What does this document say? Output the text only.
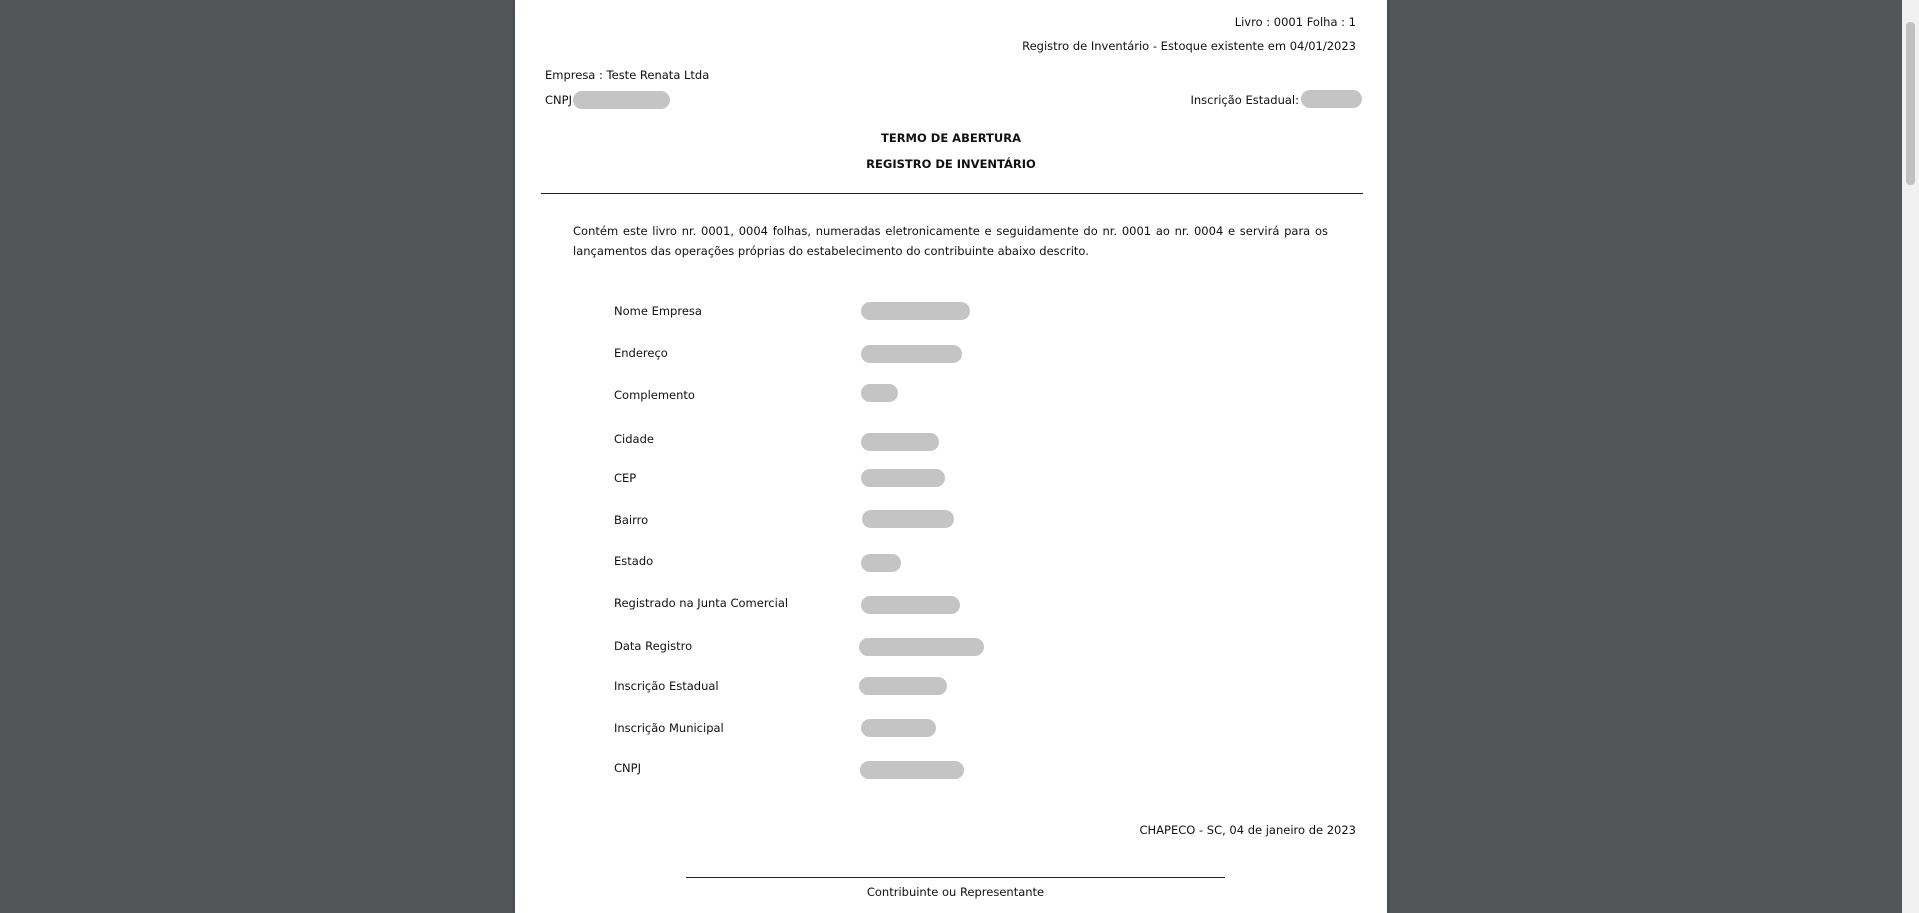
Livro : 0001 Folha : 1
Registro de Inventário - Estoque existente em 04/01/2023
Empresa : Teste Renata Ltda
CNPJ	Inscrição Estadual:
TERMO DE ABERTURA
REGISTRO DE INVENTÁRIO
Contém este livro nr. 0001, 0004 folhas, numeradas eletronicamente e seguidamente do nr. 0001 ao nr. 0004 e servirá para os lançamentos das operações próprias do estabelecimento do contribuinte abaixo descrito.
Nome Empresa
Endereço
Complemento
Cidade
CEP
Bairro
Estado
Registrado na Junta Comercial
Data Registro
Inscrição Estadual
Inscrição Municipal
CNPJ
CHAPECO - SC, 04 de janeiro de 2023
Contribuinte ou Representante
